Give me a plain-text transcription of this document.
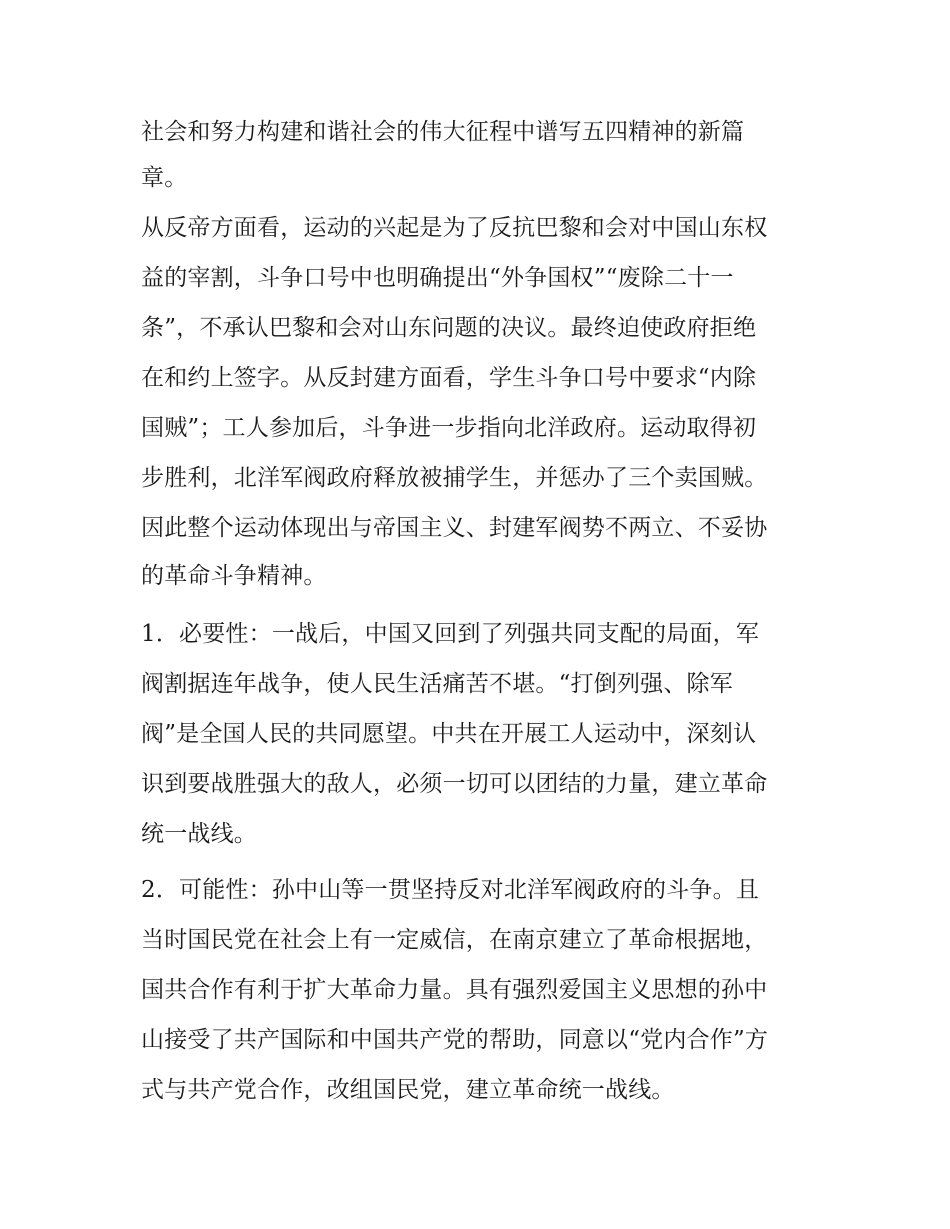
社会和努力构建和谐社会的伟大征程中谱写五四精神的新篇

章。

从反帝方面看，运动的兴起是为了反抗巴黎和会对中国山东权

益的宰割，斗争口号中也明确提出“外争国权”“废除二十一

条”，不承认巴黎和会对山东问题的决议。最终迫使政府拒绝

在和约上签字。从反封建方面看，学生斗争口号中要求“内除

国贼”；工人参加后，斗争进一步指向北洋政府。运动取得初

步胜利，北洋军阀政府释放被捕学生，并惩办了三个卖国贼。

因此整个运动体现出与帝国主义、封建军阀势不两立、不妥协

的革命斗争精神。

1．必要性：一战后，中国又回到了列强共同支配的局面，军

阀割据连年战争，使人民生活痛苦不堪。“打倒列强、除军

阀”是全国人民的共同愿望。中共在开展工人运动中，深刻认

识到要战胜强大的敌人，必须一切可以团结的力量，建立革命

统一战线。

2．可能性：孙中山等一贯坚持反对北洋军阀政府的斗争。且

当时国民党在社会上有一定威信，在南京建立了革命根据地，

国共合作有利于扩大革命力量。具有强烈爱国主义思想的孙中

山接受了共产国际和中国共产党的帮助，同意以“党内合作”方

式与共产党合作，改组国民党，建立革命统一战线。
